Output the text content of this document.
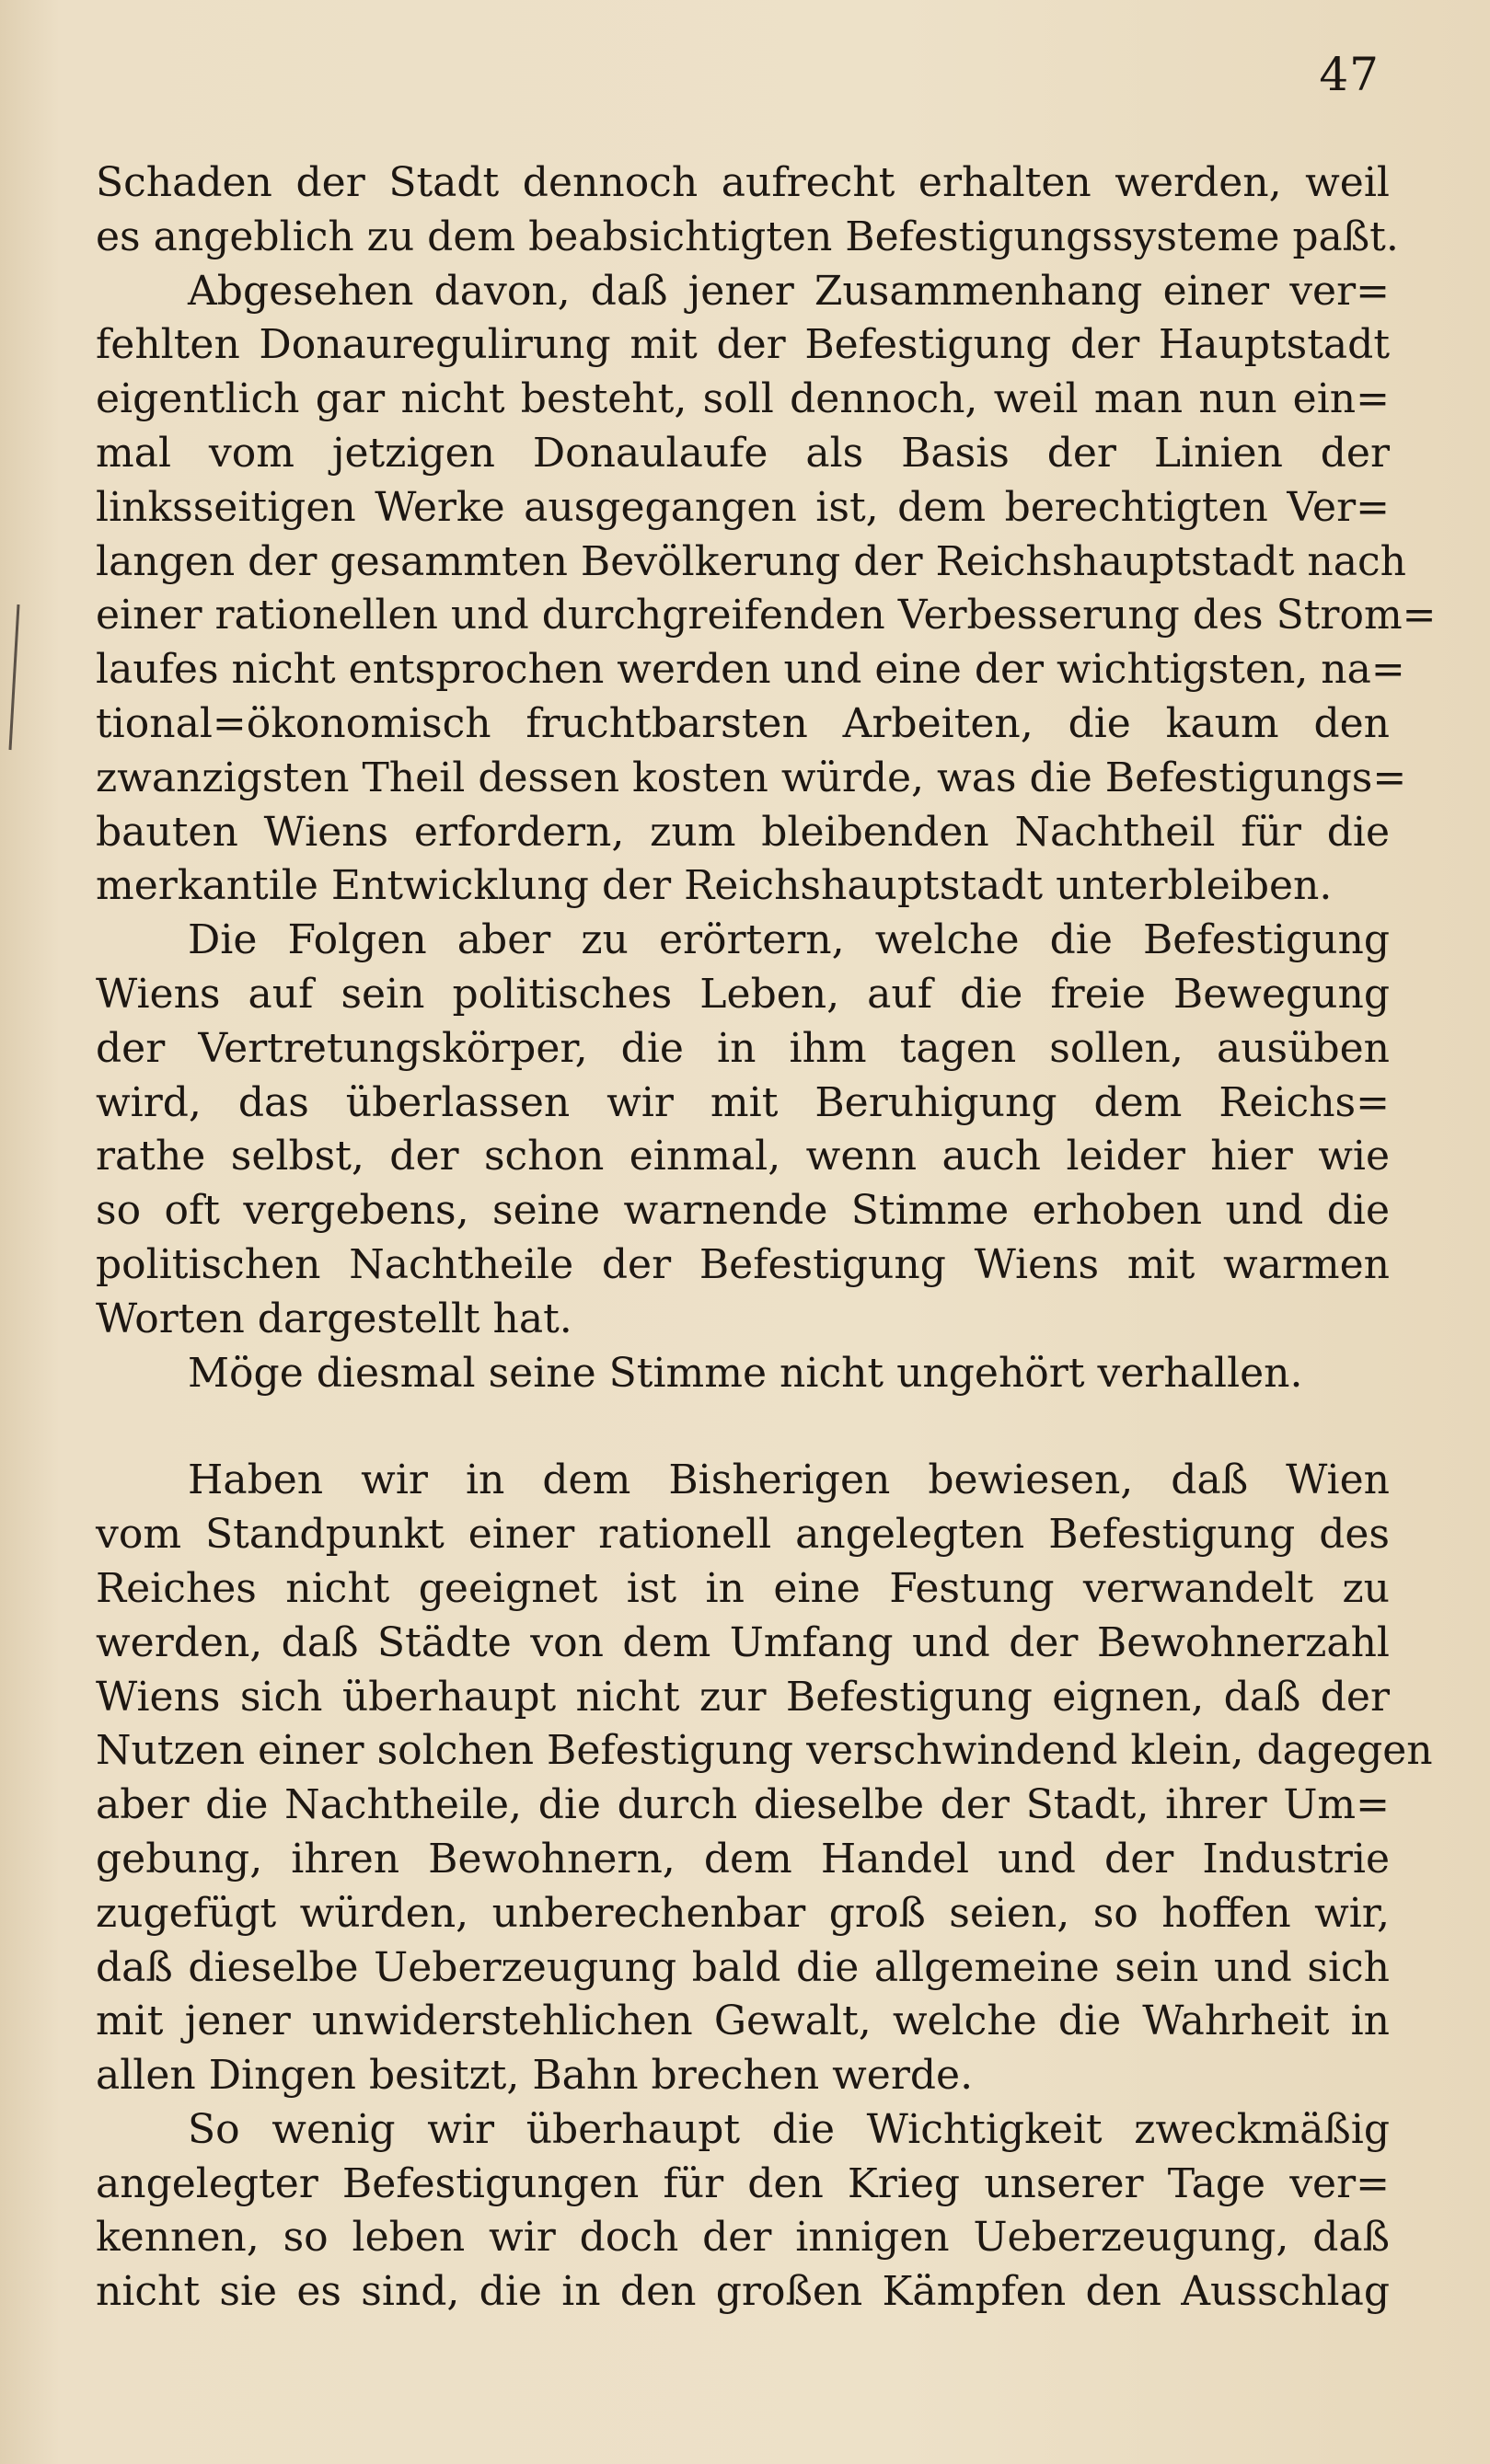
47
Schaden der Stadt dennoch aufrecht erhalten werden, weil
es angeblich zu dem beabsichtigten Befestigungssysteme paßt.
Abgesehen davon, daß jener Zusammenhang einer ver=
fehlten Donauregulirung mit der Befestigung der Hauptstadt
eigentlich gar nicht besteht, soll dennoch, weil man nun ein=
mal vom jetzigen Donaulaufe als Basis der Linien der
linksseitigen Werke ausgegangen ist, dem berechtigten Ver=
langen der gesammten Bevölkerung der Reichshauptstadt nach
einer rationellen und durchgreifenden Verbesserung des Strom=
laufes nicht entsprochen werden und eine der wichtigsten, na=
tional=ökonomisch fruchtbarsten Arbeiten, die kaum den
zwanzigsten Theil dessen kosten würde, was die Befestigungs=
bauten Wiens erfordern, zum bleibenden Nachtheil für die
merkantile Entwicklung der Reichshauptstadt unterbleiben.
Die Folgen aber zu erörtern, welche die Befestigung
Wiens auf sein politisches Leben, auf die freie Bewegung
der Vertretungskörper, die in ihm tagen sollen, ausüben
wird, das überlassen wir mit Beruhigung dem Reichs=
rathe selbst, der schon einmal, wenn auch leider hier wie
so oft vergebens, seine warnende Stimme erhoben und die
politischen Nachtheile der Befestigung Wiens mit warmen
Worten dargestellt hat.
Möge diesmal seine Stimme nicht ungehört verhallen.
Haben wir in dem Bisherigen bewiesen, daß Wien
vom Standpunkt einer rationell angelegten Befestigung des
Reiches nicht geeignet ist in eine Festung verwandelt zu
werden, daß Städte von dem Umfang und der Bewohnerzahl
Wiens sich überhaupt nicht zur Befestigung eignen, daß der
Nutzen einer solchen Befestigung verschwindend klein, dagegen
aber die Nachtheile, die durch dieselbe der Stadt, ihrer Um=
gebung, ihren Bewohnern, dem Handel und der Industrie
zugefügt würden, unberechenbar groß seien, so hoffen wir,
daß dieselbe Ueberzeugung bald die allgemeine sein und sich
mit jener unwiderstehlichen Gewalt, welche die Wahrheit in
allen Dingen besitzt, Bahn brechen werde.
So wenig wir überhaupt die Wichtigkeit zweckmäßig
angelegter Befestigungen für den Krieg unserer Tage ver=
kennen, so leben wir doch der innigen Ueberzeugung, daß
nicht sie es sind, die in den großen Kämpfen den Ausschlag
